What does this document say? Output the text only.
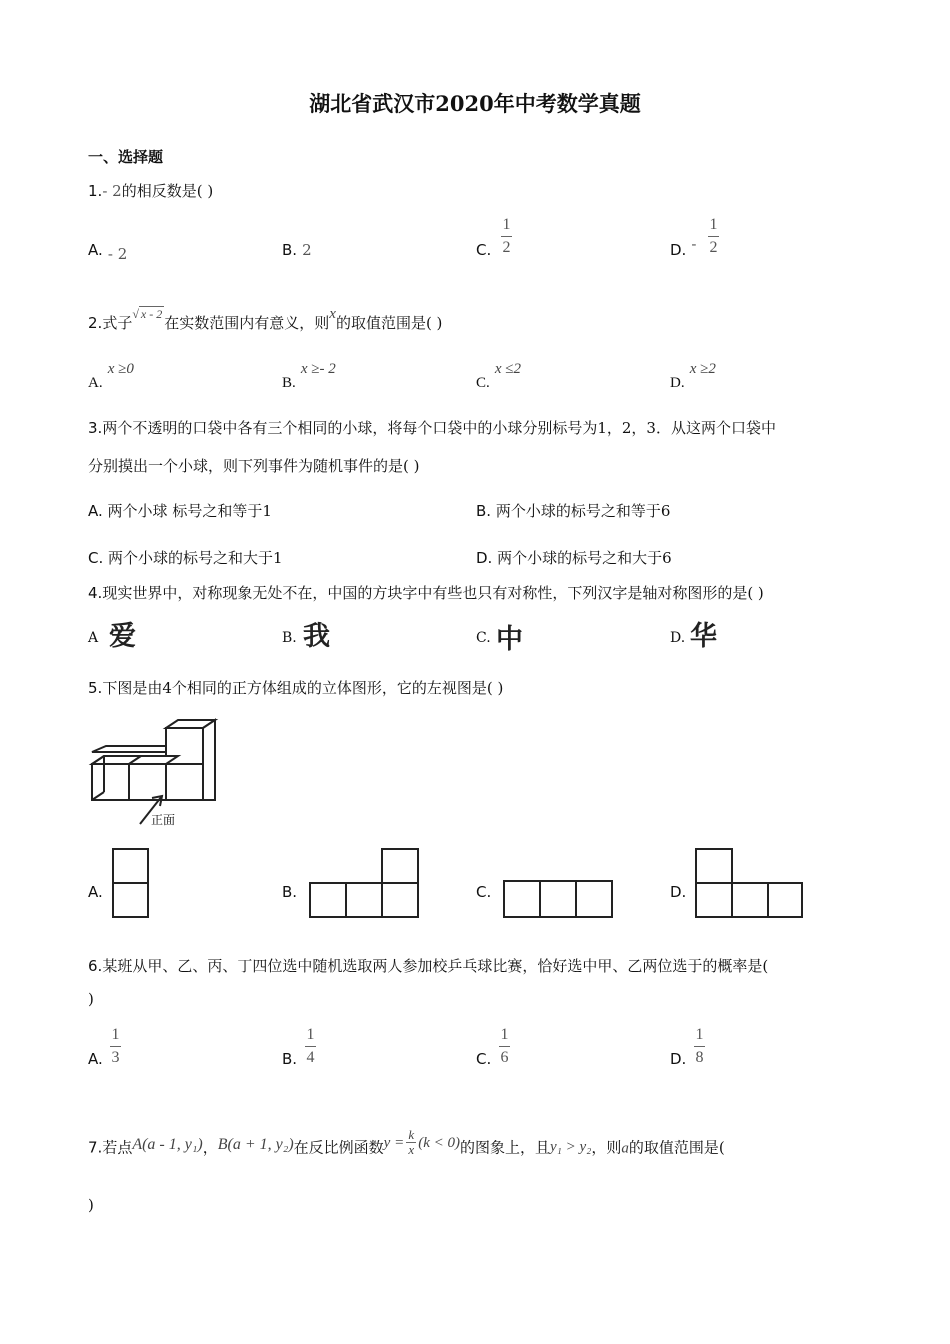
湖北省武汉市2020年中考数学真题
一、选择题
1.- 2的相反数是( )
A. - 2	B. 2	C.
1
2	D. -
1
2
2.式子$^{√ x - 2}$ 在实数范围内有意义，则x的取值范围是( )
A. x ≥0
B. x ≥- 2
C. x ≤2
D. x ≥2
3.两个不透明的口袋中各有三个相同的小球，将每个口袋中的小球分别标号为1，2，3．从这两个口袋中
分别摸出一个小球，则下列事件为随机事件的是( )
A. 两个小球 标号之和等于1	B. 两个小球的标号之和等于6
C. 两个小球的标号之和大于1	D. 两个小球的标号之和大于6
4.现实世界中，对称现象无处不在，中国的方块字中有些也只有对称性，下列汉字是轴对称图形的是( )
A 爱	B. 我	C. 中	D. 华
5.下图是由4个相同的正方体组成的立体图形，它的左视图是( )
正面
A.	B.	C.	D.
6.某班从甲、乙、丙、丁四位选中随机选取两人参加校乒乓球比赛，恰好选中甲、乙两位选于的概率是(
)
A.
1
3	B.
1
4	C.
1
6	D.
1
8
7.若点A(a - 1, y₁)，B(a + 1, y₂)在反比例函数$y = \frac{k}{x} (k < 0)$的图象上，且y₁ > y₂，则a的取值范围是(
)
